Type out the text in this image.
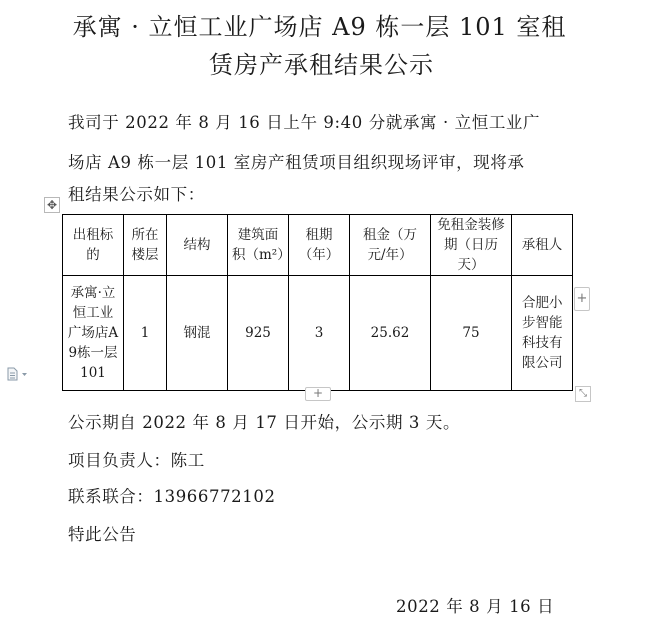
承寓 · 立恒工业广场店 A9 栋一层 101 室租
赁房产承租结果公示
我司于 2022 年 8 月 16 日上午 9:40 分就承寓 · 立恒工业广
场店 A9 栋一层 101 室房产租赁项目组织现场评审，现将承
租结果公示如下：
✥
出租标的	所在楼层	结构	建筑面积（m²）	租期（年）	租金（万元/年）	免租金装修期（日历天）	承租人
承寓·立恒工业广场店A9栋一层101	1	钢混	925	3	25.62	75	合肥小步智能科技有限公司
+
+	⤡
公示期自 2022 年 8 月 17 日开始，公示期 3 天。
项目负责人：陈工
联系联合：13966772102
特此公告
2022 年 8 月 16 日
